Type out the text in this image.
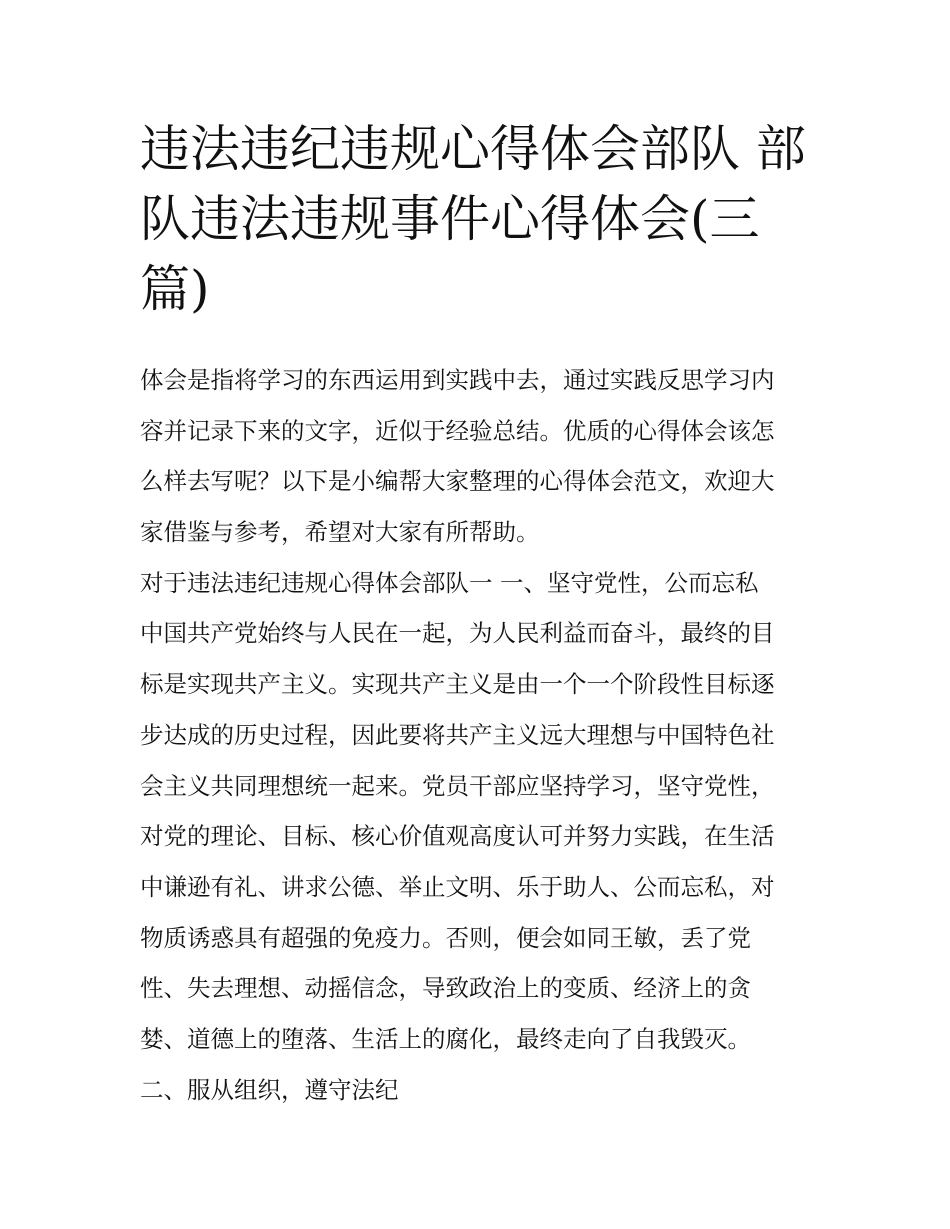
违法违纪违规心得体会部队 部
队违法违规事件心得体会(三
篇)
体会是指将学习的东西运用到实践中去，通过实践反思学习内
容并记录下来的文字，近似于经验总结。优质的心得体会该怎
么样去写呢？以下是小编帮大家整理的心得体会范文，欢迎大
家借鉴与参考，希望对大家有所帮助。
对于违法违纪违规心得体会部队一 一、坚守党性，公而忘私
中国共产党始终与人民在一起，为人民利益而奋斗，最终的目
标是实现共产主义。实现共产主义是由一个一个阶段性目标逐
步达成的历史过程，因此要将共产主义远大理想与中国特色社
会主义共同理想统一起来。党员干部应坚持学习，坚守党性，
对党的理论、目标、核心价值观高度认可并努力实践，在生活
中谦逊有礼、讲求公德、举止文明、乐于助人、公而忘私，对
物质诱惑具有超强的免疫力。否则，便会如同王敏，丢了党
性、失去理想、动摇信念，导致政治上的变质、经济上的贪
婪、道德上的堕落、生活上的腐化，最终走向了自我毁灭。
二、服从组织，遵守法纪
